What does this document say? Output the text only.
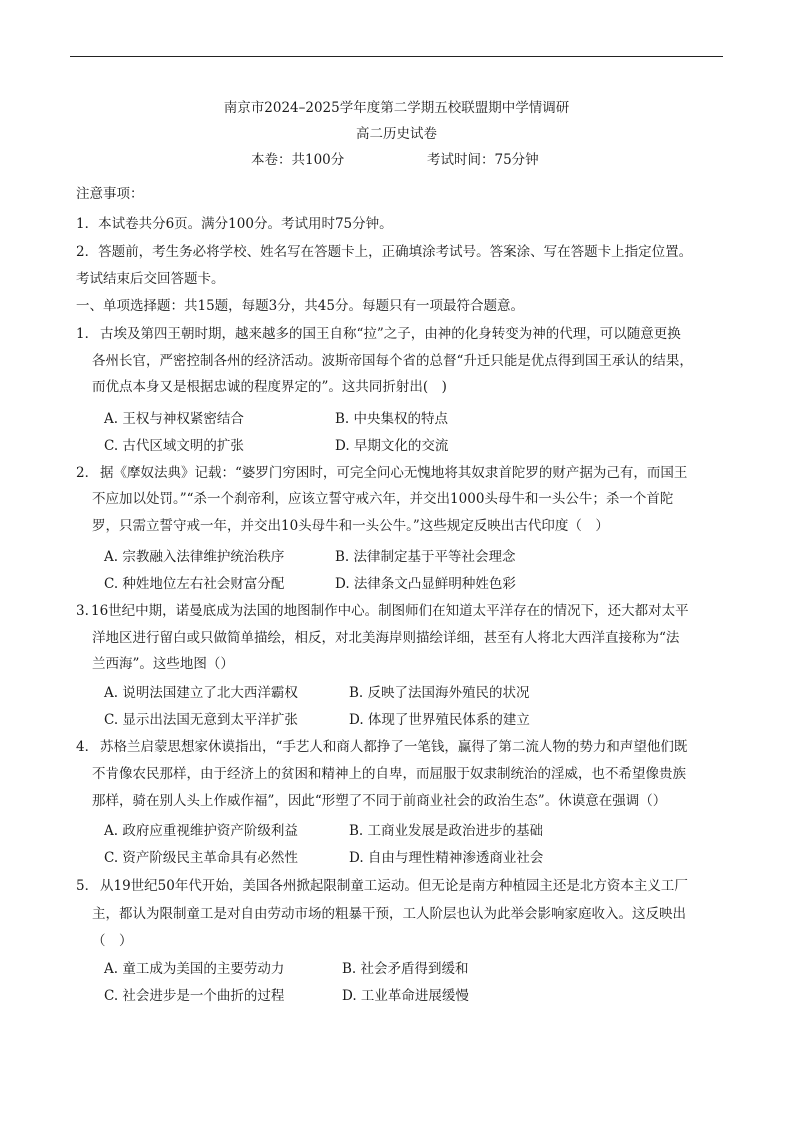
南京市2024–2025学年度第二学期五校联盟期中学情调研
高二历史试卷
本卷：共100分	考试时间：75分钟
注意事项：
1．本试卷共分6页。满分100分。考试用时75分钟。
2．答题前，考生务必将学校、姓名写在答题卡上，正确填涂考试号。答案涂、写在答题卡上指定位置。
考试结束后交回答题卡。
一、单项选择题：共15题，每题3分，共45分。每题只有一项最符合题意。
1． 古埃及第四王朝时期，越来越多的国王自称“拉”之子，由神的化身转变为神的代理，可以随意更换
各州长官，严密控制各州的经济活动。波斯帝国每个省的总督“升迁只能是优点得到国王承认的结果，
而优点本身又是根据忠诚的程度界定的”。这共同折射出(　)
A. 王权与神权紧密结合	B. 中央集权的特点
C. 古代区域文明的扩张	D. 早期文化的交流
2． 据《摩奴法典》记载：“婆罗门穷困时，可完全问心无愧地将其奴隶首陀罗的财产据为己有，而国王
不应加以处罚。”“杀一个刹帝利，应该立誓守戒六年，并交出1000头母牛和一头公牛；杀一个首陀
罗，只需立誓守戒一年，并交出10头母牛和一头公牛。”这些规定反映出古代印度（　）
A. 宗教融入法律维护统治秩序	B. 法律制定基于平等社会理念
C. 种姓地位左右社会财富分配	D. 法律条文凸显鲜明种姓色彩
3. 16世纪中期，诺曼底成为法国的地图制作中心。制图师们在知道太平洋存在的情况下，还大都对太平
洋地区进行留白或只做简单描绘，相反，对北美海岸则描绘详细，甚至有人将北大西洋直接称为“法
兰西海”。这些地图（）
A. 说明法国建立了北大西洋霸权	B. 反映了法国海外殖民的状况
C. 显示出法国无意到太平洋扩张	D. 体现了世界殖民体系的建立
4． 苏格兰启蒙思想家休谟指出，“手艺人和商人都挣了一笔钱，赢得了第二流人物的势力和声望他们既
不肯像农民那样，由于经济上的贫困和精神上的自卑，而屈服于奴隶制统治的淫威，也不希望像贵族
那样，骑在别人头上作威作福”，因此“形塑了不同于前商业社会的政治生态”。休谟意在强调（）
A. 政府应重视维护资产阶级利益	B. 工商业发展是政治进步的基础
C. 资产阶级民主革命具有必然性	D. 自由与理性精神渗透商业社会
5． 从19世纪50年代开始，美国各州掀起限制童工运动。但无论是南方种植园主还是北方资本主义工厂
主，都认为限制童工是对自由劳动市场的粗暴干预，工人阶层也认为此举会影响家庭收入。这反映出
（　）
A. 童工成为美国的主要劳动力	B. 社会矛盾得到缓和
C. 社会进步是一个曲折的过程	D. 工业革命进展缓慢
